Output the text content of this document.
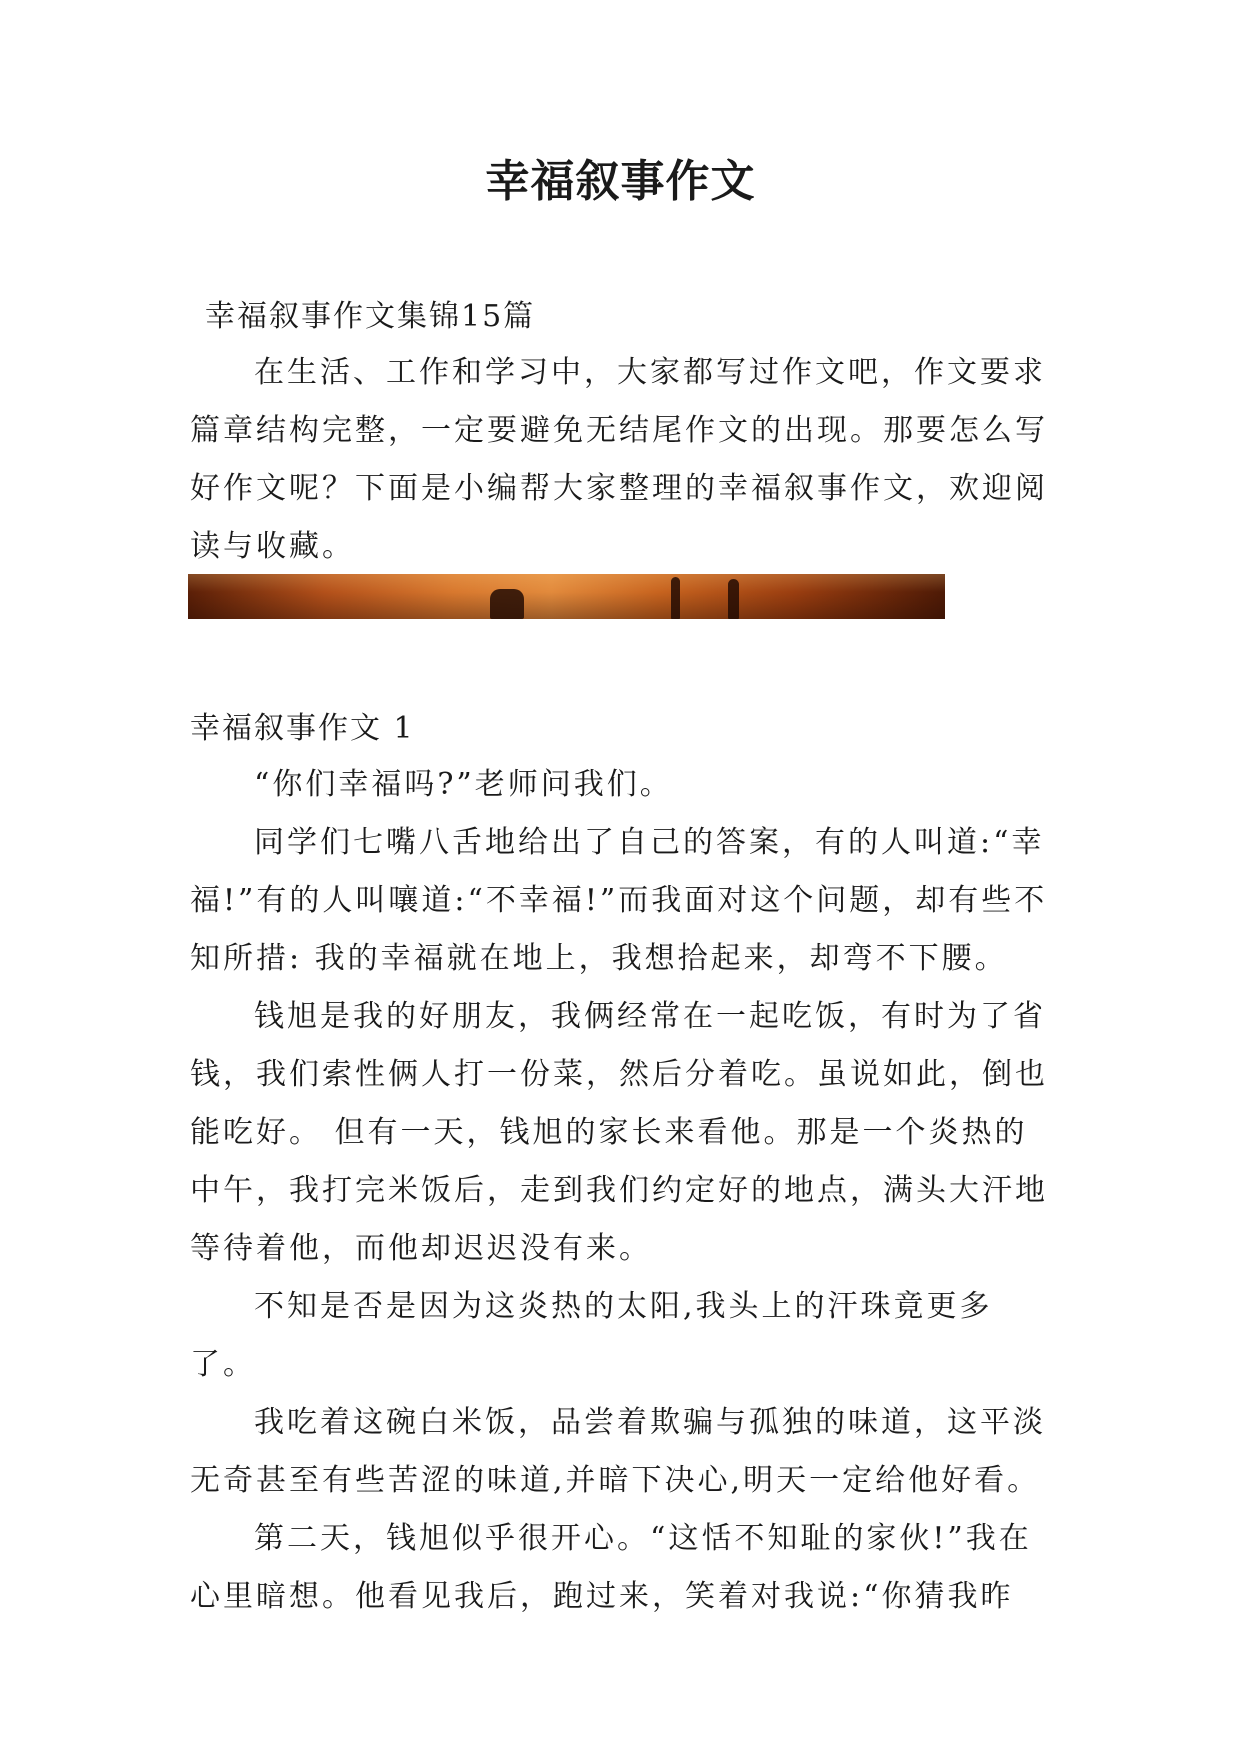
幸福叙事作文

幸福叙事作文集锦15篇

在生活、工作和学习中，大家都写过作文吧，作文要求篇章结构完整，一定要避免无结尾作文的出现。那要怎么写好作文呢？下面是小编帮大家整理的幸福叙事作文，欢迎阅读与收藏。

幸福叙事作文 1

“你们幸福吗?”老师问我们。

同学们七嘴八舌地给出了自己的答案，有的人叫道:“幸福!”有的人叫嚷道:“不幸福!”而我面对这个问题，却有些不知所措: 我的幸福就在地上，我想拾起来，却弯不下腰。

钱旭是我的好朋友，我俩经常在一起吃饭，有时为了省钱，我们索性俩人打一份菜，然后分着吃。虽说如此，倒也能吃好。 但有一天，钱旭的家长来看他。那是一个炎热的中午，我打完米饭后，走到我们约定好的地点，满头大汗地等待着他，而他却迟迟没有来。

不知是否是因为这炎热的太阳,我头上的汗珠竟更多了。

我吃着这碗白米饭，品尝着欺骗与孤独的味道，这平淡无奇甚至有些苦涩的味道,并暗下决心,明天一定给他好看。

第二天，钱旭似乎很开心。“这恬不知耻的家伙!”我在心里暗想。他看见我后，跑过来，笑着对我说:“你猜我昨
